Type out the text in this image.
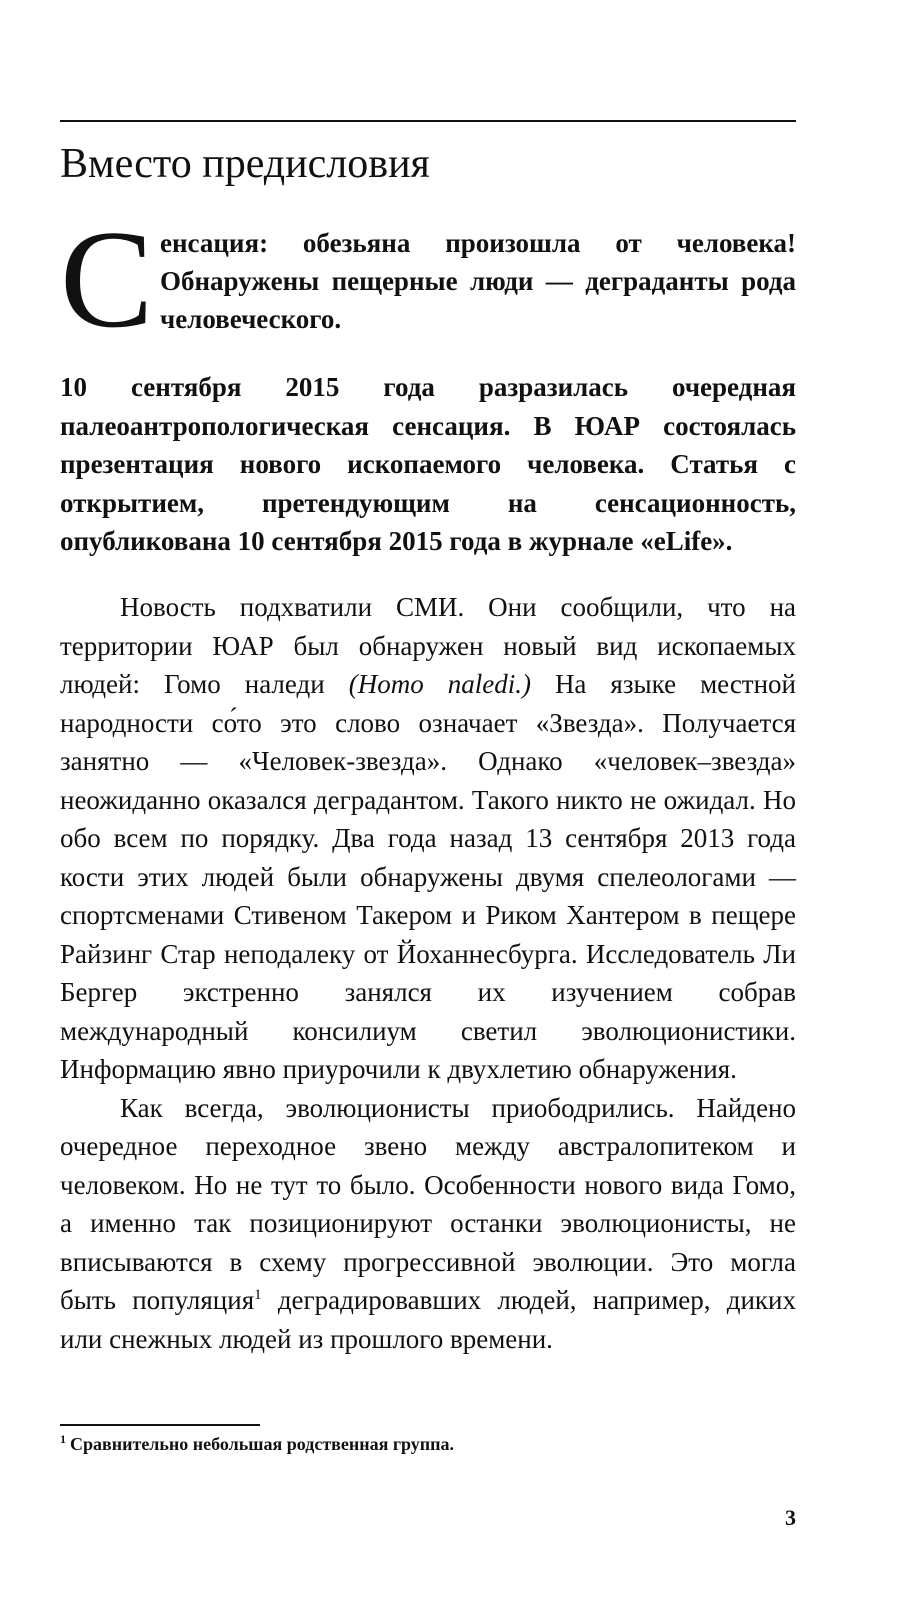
Вместо предисловия
С енсация: обезьяна произошла от человека! Обнаружены пещерные люди — деграданты рода человеческого.

10 сентября 2015 года разразилась очередная палеоантропологическая сенсация. В ЮАР состоялась презентация нового ископаемого человека. Статья с открытием, претендующим на сенсационность, опубликована 10 сентября 2015 года в журнале «eLife».

Новость подхватили СМИ. Они сообщили, что на территории ЮАР был обнаружен новый вид ископаемых людей: Гомо наледи (Homo naledi.) На языке местной народности со́то это слово означает «Звезда». Получается занятно — «Человек-звезда». Однако «человек–звезда» неожиданно оказался деградантом. Такого никто не ожидал. Но обо всем по порядку. Два года назад 13 сентября 2013 года кости этих людей были обнаружены двумя спелеологами — спортсменами Стивеном Такером и Риком Хантером в пещере Райзинг Стар неподалеку от Йоханнесбурга. Исследователь Ли Бергер экстренно занялся их изучением собрав международный консилиум светил эволюционистики. Информацию явно приурочили к двухлетию обнаружения.

Как всегда, эволюционисты приободрились. Найдено очередное переходное звено между австралопитеком и человеком. Но не тут то было. Особенности нового вида Гомо, а именно так позиционируют останки эволюционисты, не вписываются в схему прогрессивной эволюции. Это могла быть популяция$^1$ деградировавших людей, например, диких или снежных людей из прошлого времени.

$^1$ Сравнительно небольшая родственная группа.
3
